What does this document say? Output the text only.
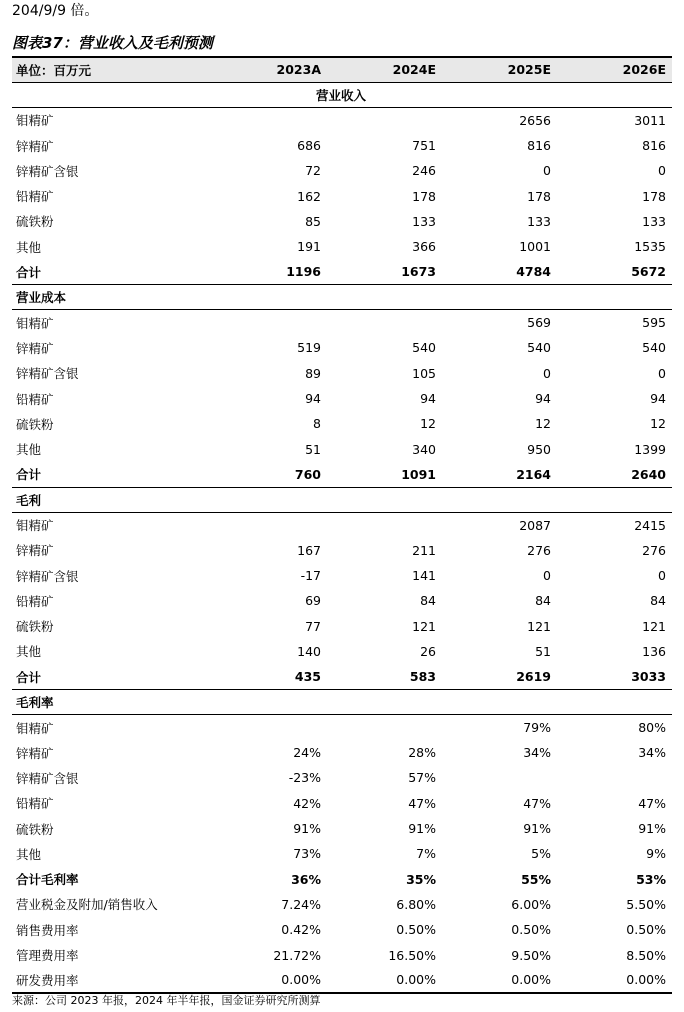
204/9/9 倍。
图表37：营业收入及毛利预测
单位：百万元	2023A	2024E	2025E	2026E
营业收入				
钼精矿			2656	3011
锌精矿	686	751	816	816
锌精矿含银	72	246	0	0
铅精矿	162	178	178	178
硫铁粉	85	133	133	133
其他	191	366	1001	1535
合计	1196	1673	4784	5672
营业成本				
钼精矿			569	595
锌精矿	519	540	540	540
锌精矿含银	89	105	0	0
铅精矿	94	94	94	94
硫铁粉	8	12	12	12
其他	51	340	950	1399
合计	760	1091	2164	2640
毛利				
钼精矿			2087	2415
锌精矿	167	211	276	276
锌精矿含银	-17	141	0	0
铅精矿	69	84	84	84
硫铁粉	77	121	121	121
其他	140	26	51	136
合计	435	583	2619	3033
毛利率				
钼精矿			79%	80%
锌精矿	24%	28%	34%	34%
锌精矿含银	-23%	57%		
铅精矿	42%	47%	47%	47%
硫铁粉	91%	91%	91%	91%
其他	73%	7%	5%	9%
合计毛利率	36%	35%	55%	53%
营业税金及附加/销售收入	7.24%	6.80%	6.00%	5.50%
销售费用率	0.42%	0.50%	0.50%	0.50%
管理费用率	21.72%	16.50%	9.50%	8.50%
研发费用率	0.00%	0.00%	0.00%	0.00%
来源：公司 2023 年报，2024 年半年报，国金证券研究所测算
